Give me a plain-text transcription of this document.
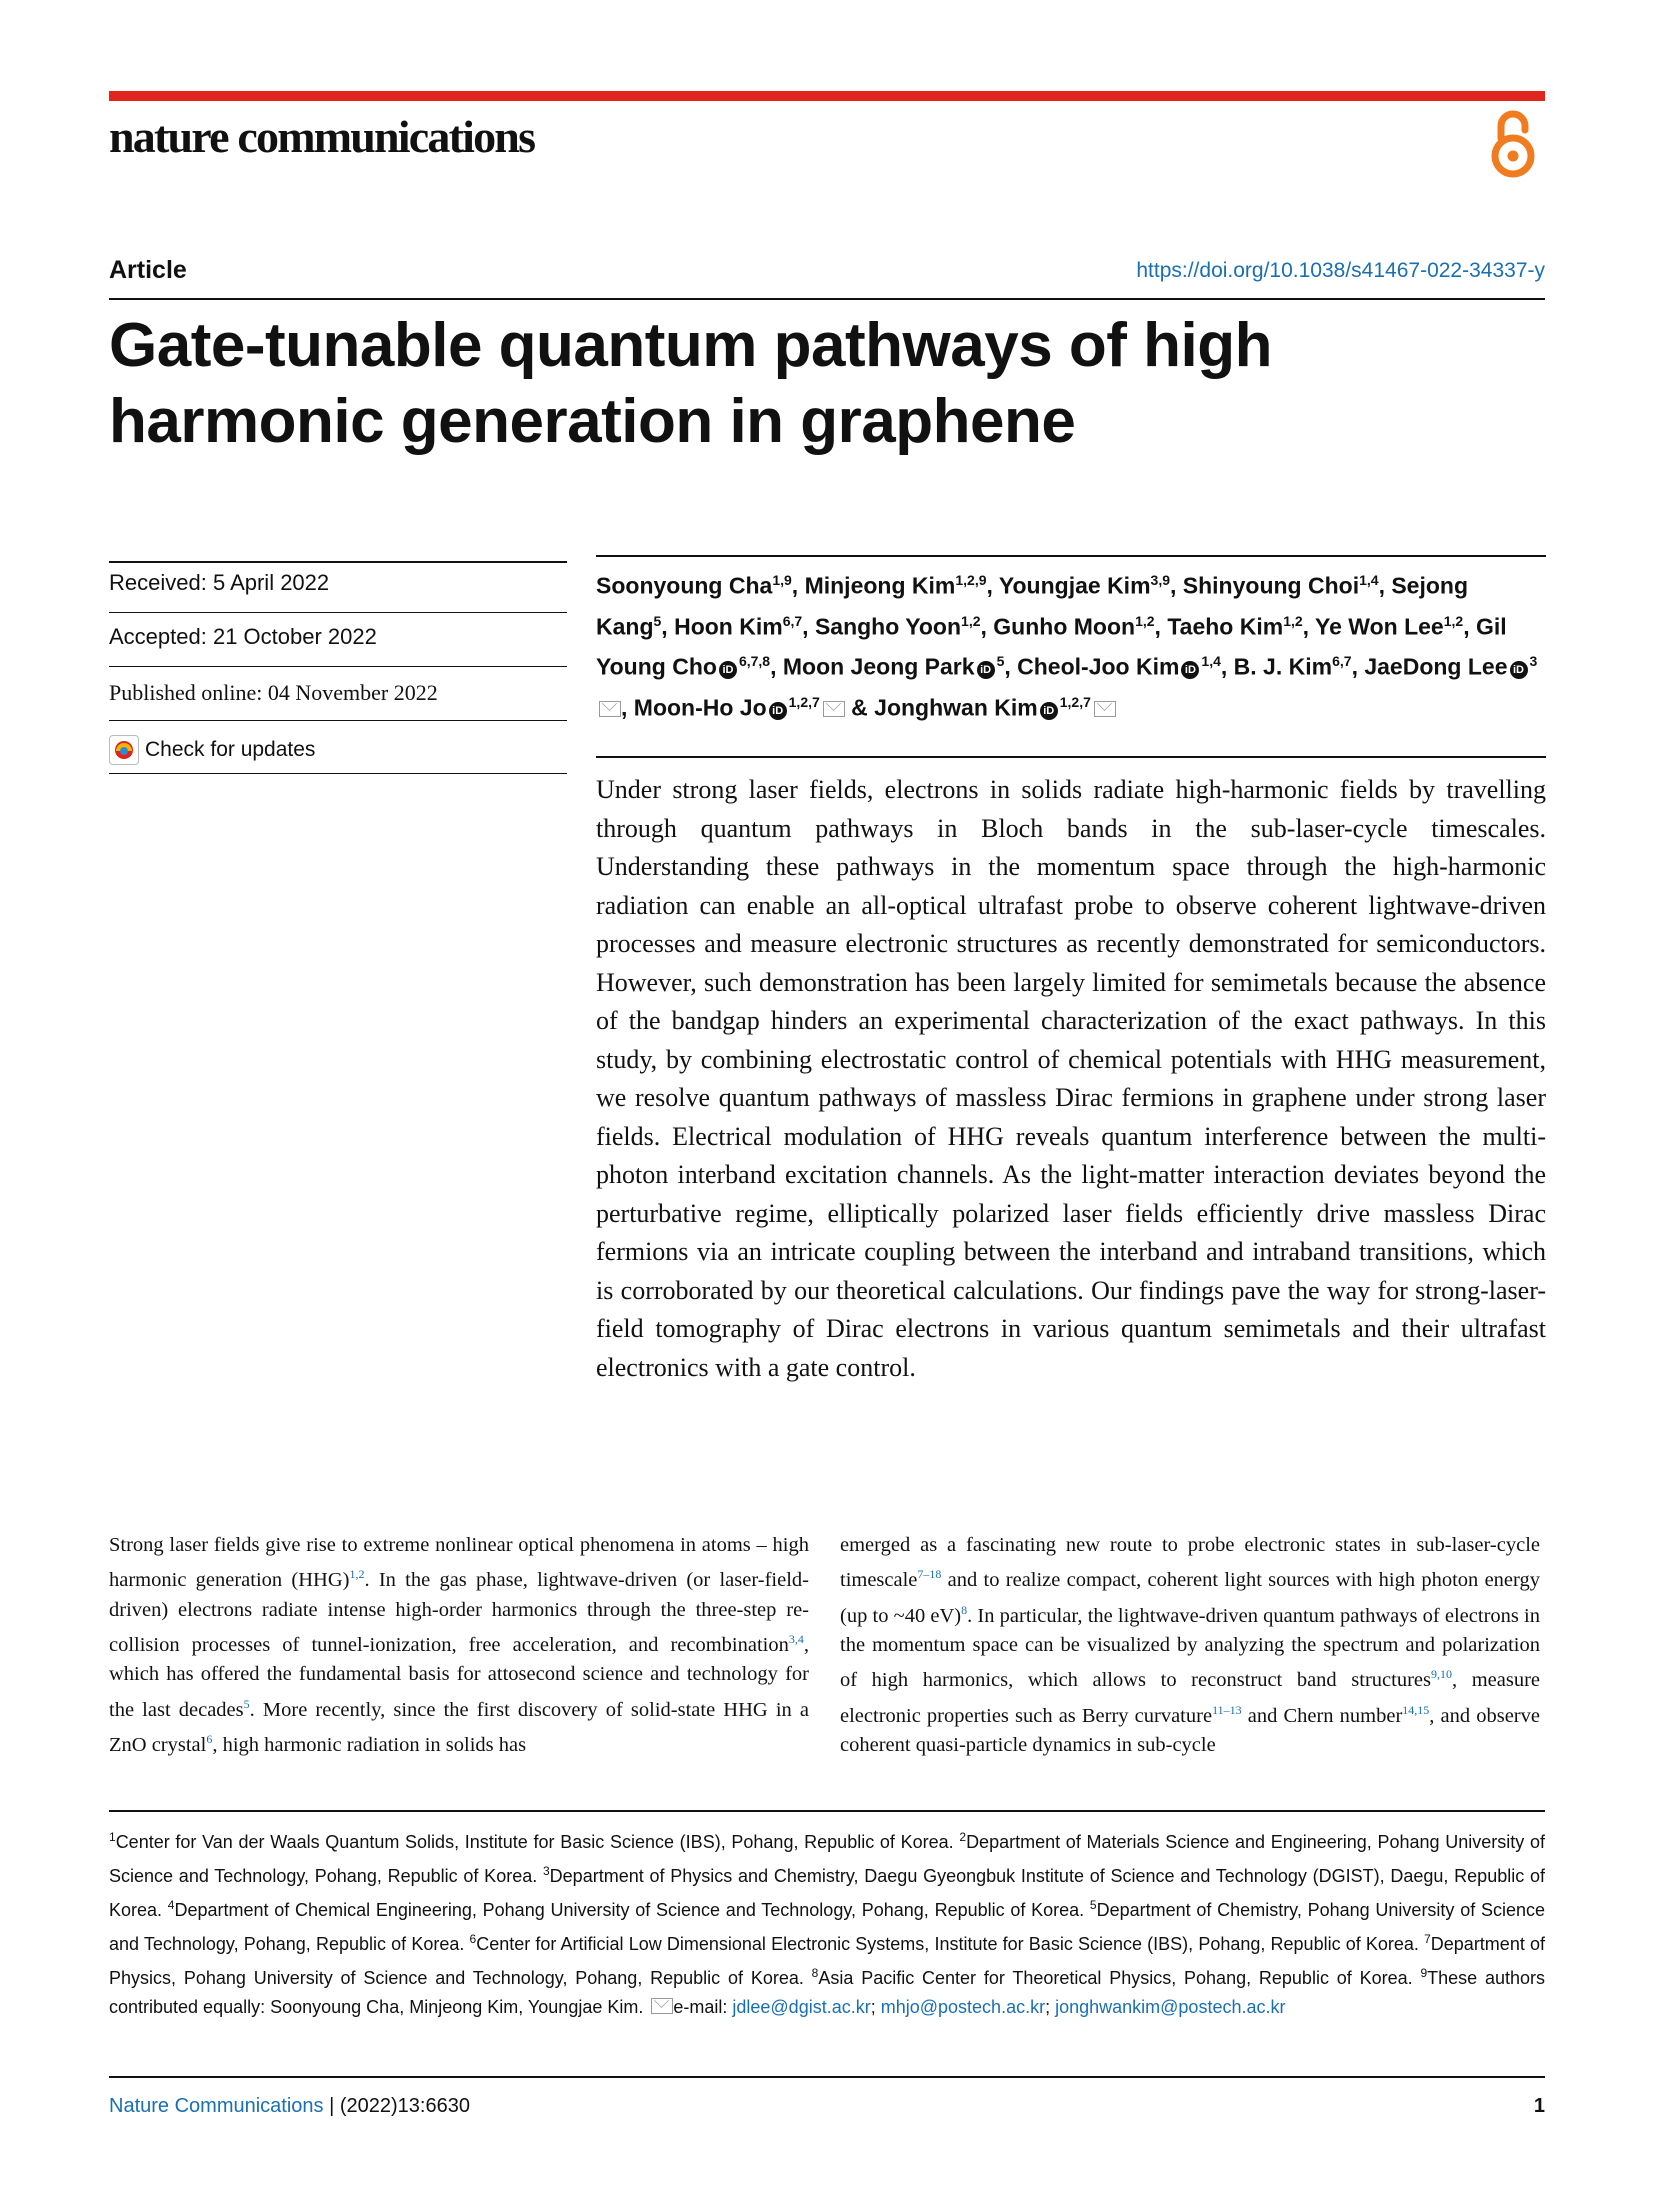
nature communications
Article	https://doi.org/10.1038/s41467-022-34337-y
Gate-tunable quantum pathways of high harmonic generation in graphene
Received: 5 April 2022
Accepted: 21 October 2022
Published online: 04 November 2022
Check for updates
Soonyoung Cha$^{1,9}$, Minjeong Kim$^{1,2,9}$, Youngjae Kim$^{3,9}$, Shinyoung Choi$^{1,4}$, Sejong Kang$^5$, Hoon Kim$^{6,7}$, Sangho Yoon$^{1,2}$, Gunho Moon$^{1,2}$, Taeho Kim$^{1,2}$, Ye Won Lee$^{1,2}$, Gil Young Cho iD$^{6,7,8}$, Moon Jeong Park $iD^5$, Cheol-Joo Kim iD$^{1,4}$, B. J. Kim$^{6,7}$, JaeDong Lee $iD^3$, Moon-Ho Jo iD$^{1,2,7}$ & Jonghwan Kim iD$^{1,2,7}$
Under strong laser fields, electrons in solids radiate high-harmonic fields by travelling through quantum pathways in Bloch bands in the sub-laser-cycle timescales. Understanding these pathways in the momentum space through the high-harmonic radiation can enable an all-optical ultrafast probe to observe coherent lightwave-driven processes and measure electronic structures as recently demonstrated for semiconductors. However, such demonstration has been largely limited for semimetals because the absence of the bandgap hinders an experimental characterization of the exact pathways. In this study, by combining electrostatic control of chemical potentials with HHG measurement, we resolve quantum pathways of massless Dirac fermions in graphene under strong laser fields. Electrical modulation of HHG reveals quantum interference between the multi-photon interband excitation channels. As the light-matter interaction deviates beyond the perturbative regime, elliptically polarized laser fields efficiently drive massless Dirac fermions via an intricate coupling between the interband and intraband transitions, which is corroborated by our theoretical calculations. Our findings pave the way for strong-laser-field tomography of Dirac electrons in various quantum semimetals and their ultrafast electronics with a gate control.
Strong laser fields give rise to extreme nonlinear optical phenomena in atoms – high harmonic generation (HHG)$^{1,2}$. In the gas phase, lightwave-driven (or laser-field-driven) electrons radiate intense high-order harmonics through the three-step re-collision processes of tunnel-ionization, free acceleration, and recombination$^{3,4}$, which has offered the fundamental basis for attosecond science and technology for the last decades$^5$. More recently, since the first discovery of solid-state HHG in a ZnO crystal$^6$, high harmonic radiation in solids has
emerged as a fascinating new route to probe electronic states in sub-laser-cycle timescale$^{7-18}$ and to realize compact, coherent light sources with high photon energy (up to ~40 eV)$^8$. In particular, the lightwave-driven quantum pathways of electrons in the momentum space can be visualized by analyzing the spectrum and polarization of high harmonics, which allows to reconstruct band structures$^{9,10}$, measure electronic properties such as Berry curvature$^{11-13}$ and Chern number$^{14,15}$, and observe coherent quasi-particle dynamics in sub-cycle
$^1$Center for Van der Waals Quantum Solids, Institute for Basic Science (IBS), Pohang, Republic of Korea. $^2$Department of Materials Science and Engineering, Pohang University of Science and Technology, Pohang, Republic of Korea. $^3$Department of Physics and Chemistry, Daegu Gyeongbuk Institute of Science and Technology (DGIST), Daegu, Republic of Korea. $^4$Department of Chemical Engineering, Pohang University of Science and Technology, Pohang, Republic of Korea. $^5$Department of Chemistry, Pohang University of Science and Technology, Pohang, Republic of Korea. $^6$Center for Artificial Low Dimensional Electronic Systems, Institute for Basic Science (IBS), Pohang, Republic of Korea. $^7$Department of Physics, Pohang University of Science and Technology, Pohang, Republic of Korea. $^8$Asia Pacific Center for Theoretical Physics, Pohang, Republic of Korea. $^9$These authors contributed equally: Soonyoung Cha, Minjeong Kim, Youngjae Kim. e-mail: jdlee@dgist.ac.kr; mhjo@postech.ac.kr; jonghwankim@postech.ac.kr
Nature Communications | (2022)13:6630	1
